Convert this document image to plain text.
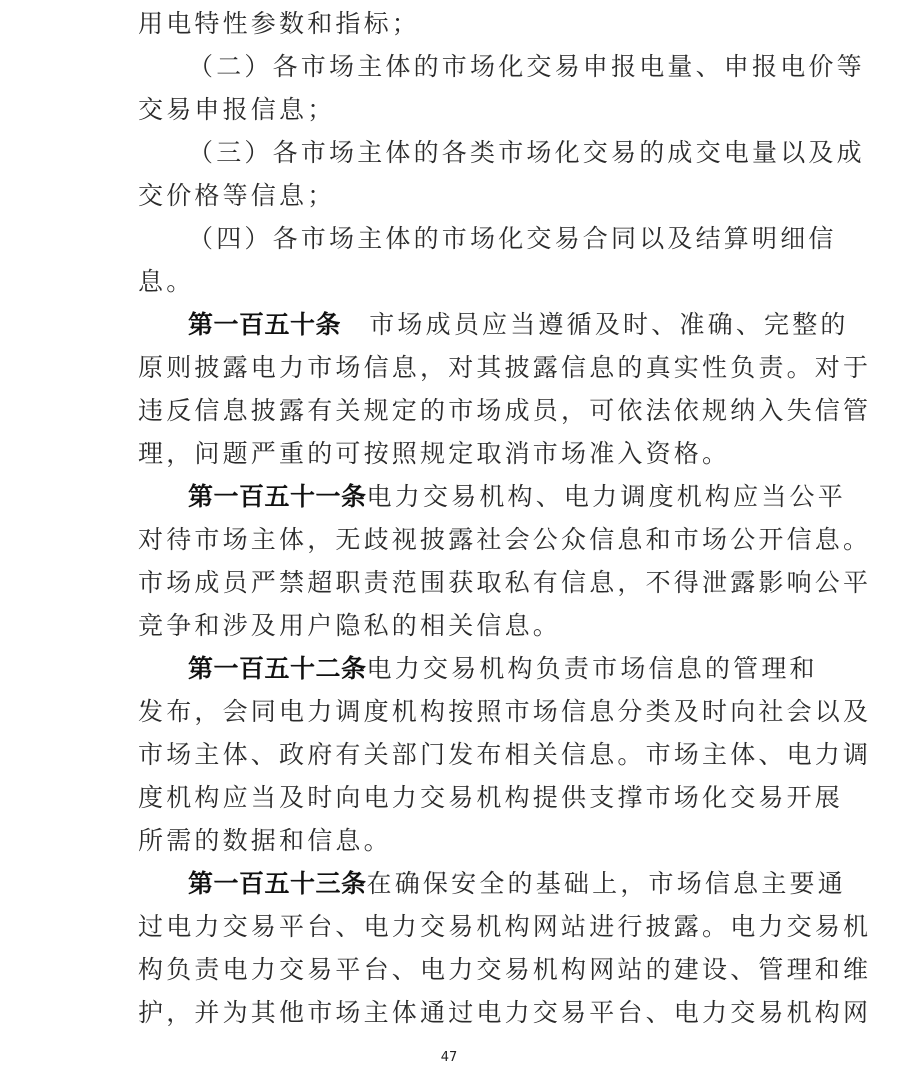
用电特性参数和指标；
（二）各市场主体的市场化交易申报电量、申报电价等
交易申报信息；
（三）各市场主体的各类市场化交易的成交电量以及成
交价格等信息；
（四）各市场主体的市场化交易合同以及结算明细信
息。
第一百五十条　市场成员应当遵循及时、准确、完整的
原则披露电力市场信息，对其披露信息的真实性负责。对于
违反信息披露有关规定的市场成员，可依法依规纳入失信管
理，问题严重的可按照规定取消市场准入资格。
第一百五十一条电力交易机构、电力调度机构应当公平
对待市场主体，无歧视披露社会公众信息和市场公开信息。
市场成员严禁超职责范围获取私有信息，不得泄露影响公平
竞争和涉及用户隐私的相关信息。
第一百五十二条电力交易机构负责市场信息的管理和
发布，会同电力调度机构按照市场信息分类及时向社会以及
市场主体、政府有关部门发布相关信息。市场主体、电力调
度机构应当及时向电力交易机构提供支撑市场化交易开展
所需的数据和信息。
第一百五十三条在确保安全的基础上，市场信息主要通
过电力交易平台、电力交易机构网站进行披露。电力交易机
构负责电力交易平台、电力交易机构网站的建设、管理和维
护，并为其他市场主体通过电力交易平台、电力交易机构网
47
